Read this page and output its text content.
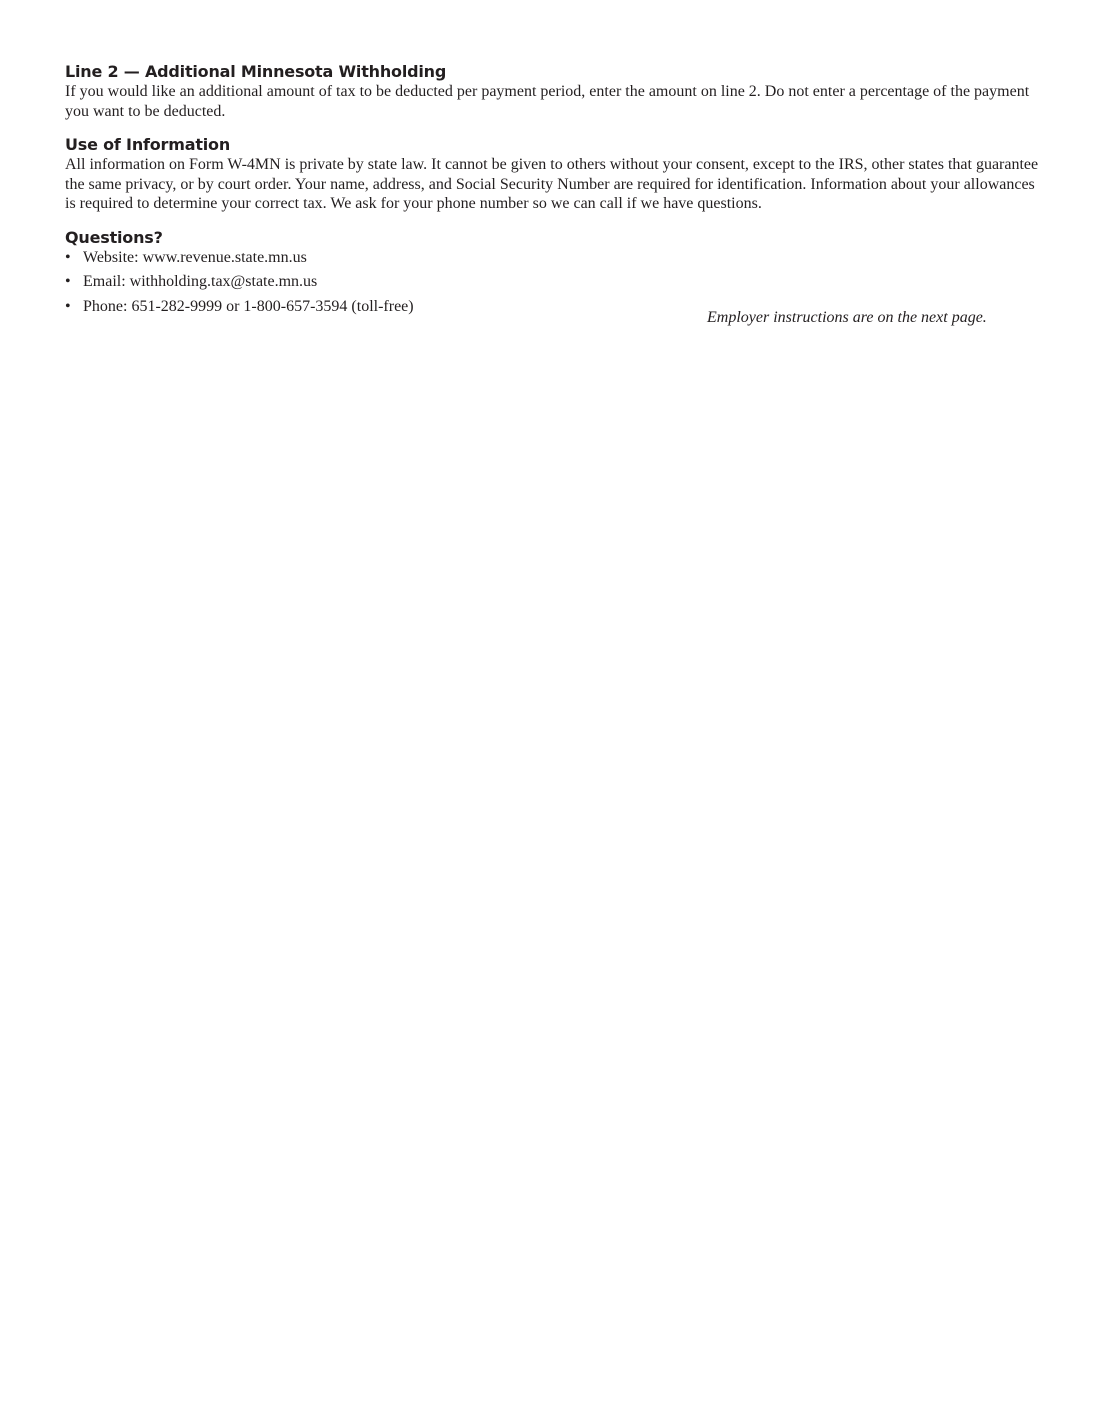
Line 2 — Additional Minnesota Withholding

If you would like an additional amount of tax to be deducted per payment period, enter the amount on line 2. Do not enter a percentage of the payment you want to be deducted.

Use of Information

All information on Form W-4MN is private by state law. It cannot be given to others without your consent, except to the IRS, other states that guarantee the same privacy, or by court order. Your name, address, and Social Security Number are required for identification. Information about your allowances is required to determine your correct tax. We ask for your phone number so we can call if we have questions.

Questions?
• Website: www.revenue.state.mn.us
• Email: withholding.tax@state.mn.us
• Phone: 651-282-9999 or 1-800-657-3594 (toll-free)

Employer instructions are on the next page.
